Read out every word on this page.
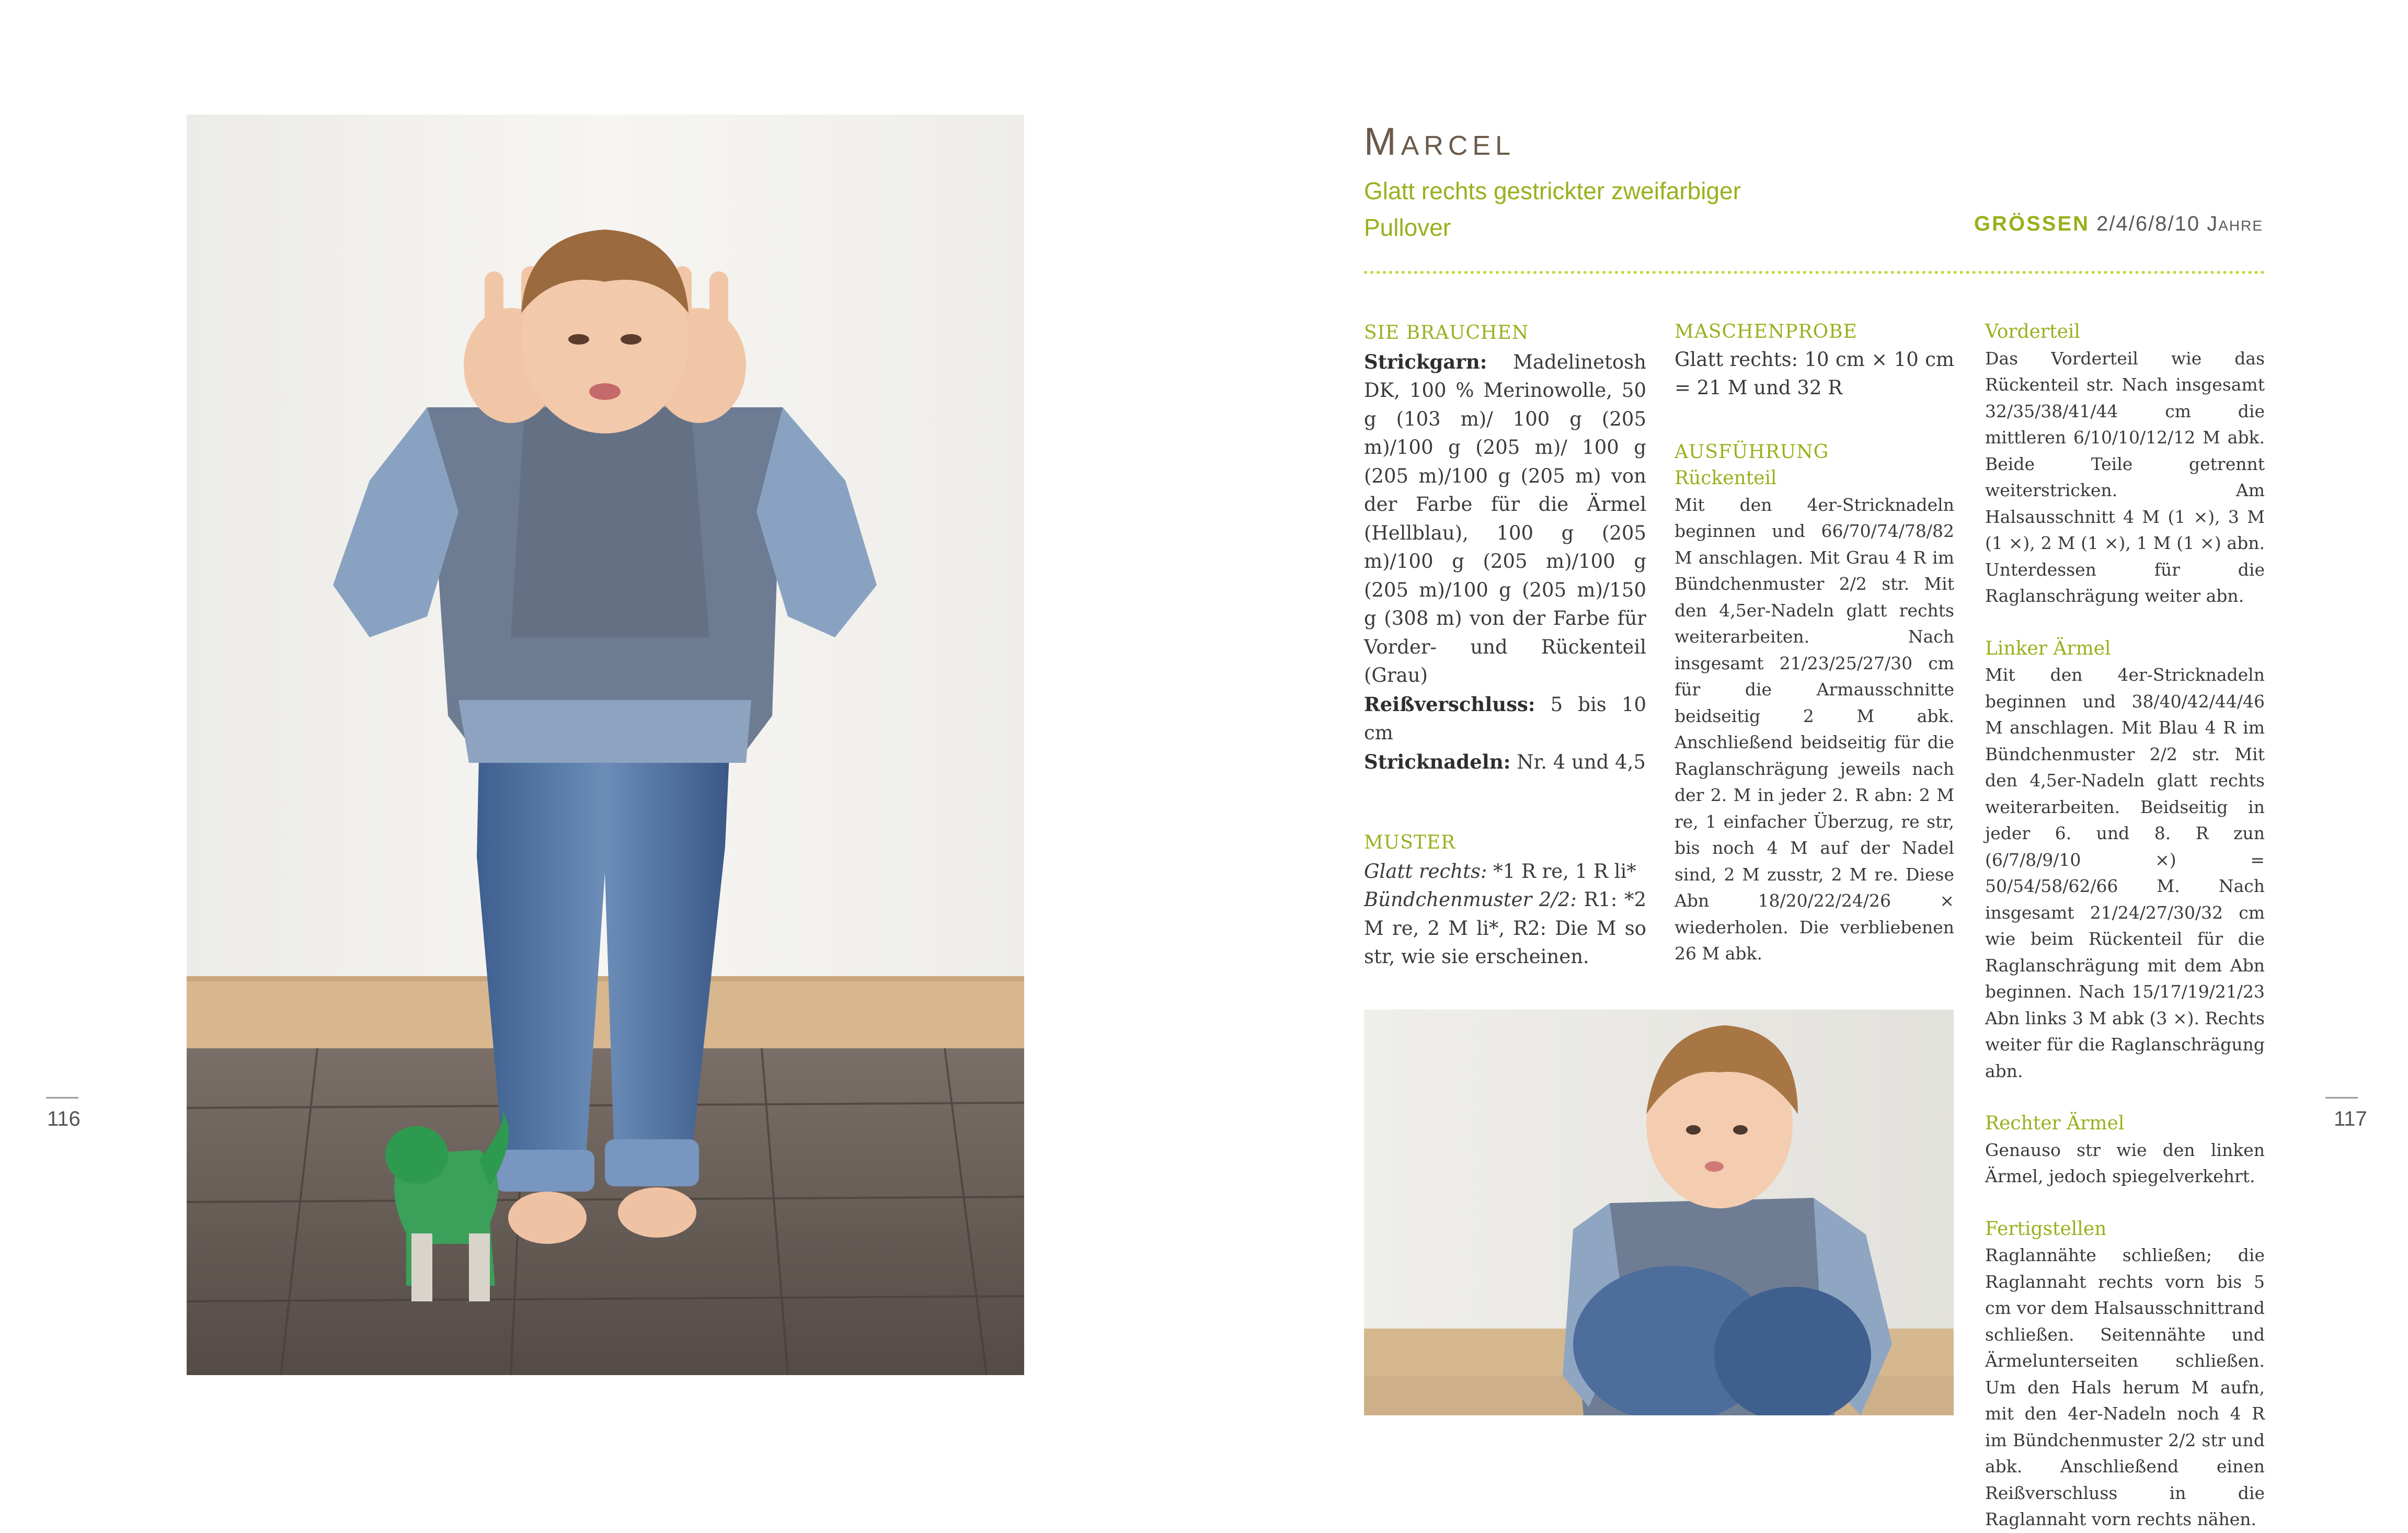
116	117
Marcel
Glatt rechts gestrickter zweifarbiger Pullover	GRÖSSEN 2/4/6/8/10 Jahre
SIE BRAUCHEN

Strickgarn: Madelinetosh DK, 100 % Merinowolle, 50 g (103 m)/ 100 g (205 m)/100 g (205 m)/ 100 g (205 m)/100 g (205 m) von der Farbe für die Ärmel (Hellblau), 100 g (205 m)/100 g (205 m)/100 g (205 m)/100 g (205 m)/150 g (308 m) von der Farbe für Vorder- und Rückenteil (Grau)

Reißverschluss: 5 bis 10 cm

Stricknadeln: Nr. 4 und 4,5

MUSTER

Glatt rechts: *1 R re, 1 R li*

Bündchenmuster 2/2: R1: *2 M re, 2 M li*, R2: Die M so str, wie sie erscheinen.

MASCHENPROBE

Glatt rechts: 10 cm × 10 cm = 21 M und 32 R

AUSFÜHRUNG
Rückenteil

Mit den 4er-Stricknadeln beginnen und 66/70/74/78/82 M anschlagen. Mit Grau 4 R im Bündchenmuster 2/2 str. Mit den 4,5er-Nadeln glatt rechts weiterarbeiten. Nach insgesamt 21/23/25/27/30 cm für die Armausschnitte beidseitig 2 M abk. Anschließend beidseitig für die Raglanschrägung jeweils nach der 2. M in jeder 2. R abn: 2 M re, 1 einfacher Überzug, re str, bis noch 4 M auf der Nadel sind, 2 M zusstr, 2 M re. Diese Abn 18/20/22/24/26 × wiederholen. Die verbliebenen 26 M abk.

Vorderteil

Das Vorderteil wie das Rückenteil str. Nach insgesamt 32/35/38/41/44 cm die mittleren 6/10/10/12/12 M abk. Beide Teile getrennt weiterstricken. Am Halsausschnitt 4 M (1 ×), 3 M (1 ×), 2 M (1 ×), 1 M (1 ×) abn. Unterdessen für die Raglanschrägung weiter abn.

Linker Ärmel

Mit den 4er-Stricknadeln beginnen und 38/40/42/44/46 M anschlagen. Mit Blau 4 R im Bündchenmuster 2/2 str. Mit den 4,5er-Nadeln glatt rechts weiterarbeiten. Beidseitig in jeder 6. und 8. R zun (6/7/8/9/10 ×) = 50/54/58/62/66 M. Nach insgesamt 21/24/27/30/32 cm wie beim Rückenteil für die Raglanschrägung mit dem Abn beginnen. Nach 15/17/19/21/23 Abn links 3 M abk (3 ×). Rechts weiter für die Raglanschrägung abn.

Rechter Ärmel

Genauso str wie den linken Ärmel, jedoch spiegelverkehrt.

Fertigstellen

Raglannähte schließen; die Raglannaht rechts vorn bis 5 cm vor dem Halsausschnittrand schließen. Seitennähte und Ärmelunterseiten schließen. Um den Hals herum M aufn, mit den 4er-Nadeln noch 4 R im Bündchenmuster 2/2 str und abk. Anschließend einen Reißverschluss in die Raglannaht vorn rechts nähen.
